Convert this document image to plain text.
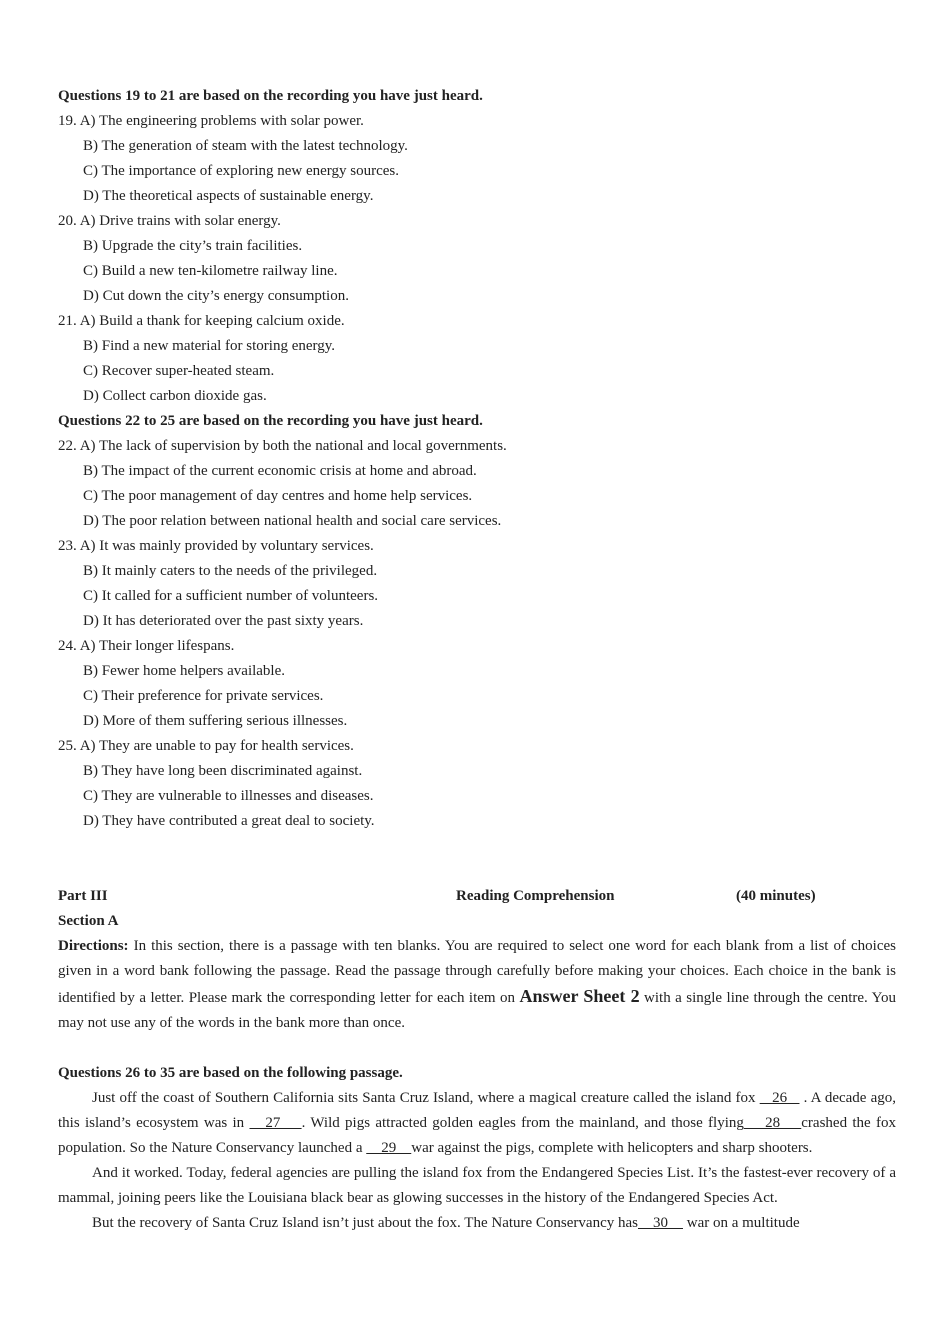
Questions 19 to 21 are based on the recording you have just heard.
19. A) The engineering problems with solar power.
B) The generation of steam with the latest technology.
C) The importance of exploring new energy sources.
D) The theoretical aspects of sustainable energy.
20. A) Drive trains with solar energy.
B) Upgrade the city’s train facilities.
C) Build a new ten-kilometre railway line.
D) Cut down the city’s energy consumption.
21. A) Build a thank for keeping calcium oxide.
B) Find a new material for storing energy.
C) Recover super-heated steam.
D) Collect carbon dioxide gas.
Questions 22 to 25 are based on the recording you have just heard.
22. A) The lack of supervision by both the national and local governments.
B) The impact of the current economic crisis at home and abroad.
C) The poor management of day centres and home help services.
D) The poor relation between national health and social care services.
23. A) It was mainly provided by voluntary services.
B) It mainly caters to the needs of the privileged.
C) It called for a sufficient number of volunteers.
D) It has deteriorated over the past sixty years.
24. A) Their longer lifespans.
B) Fewer home helpers available.
C) Their preference for private services.
D) More of them suffering serious illnesses.
25. A) They are unable to pay for health services.
B) They have long been discriminated against.
C) They are vulnerable to illnesses and diseases.
D) They have contributed a great deal to society.
Part III	Reading Comprehension	(40 minutes)
Section A
Directions: In this section, there is a passage with ten blanks. You are required to select one word for each blank from a list of choices given in a word bank following the passage. Read the passage through carefully before making your choices. Each choice in the bank is identified by a letter. Please mark the corresponding letter for each item on Answer Sheet 2 with a single line through the centre. You may not use any of the words in the bank more than once.
Questions 26 to 35 are based on the following passage.
Just off the coast of Southern California sits Santa Cruz Island, where a magical creature called the island fox    26    . A decade ago, this island’s ecosystem was in    27    . Wild pigs attracted golden eagles from the mainland, and those flying    28    crashed the fox population. So the Nature Conservancy launched a     29    war against the pigs, complete with helicopters and sharp shooters.
And it worked. Today, federal agencies are pulling the island fox from the Endangered Species List. It’s the fastest-ever recovery of a mammal, joining peers like the Louisiana black bear as glowing successes in the history of the Endangered Species Act.
But the recovery of Santa Cruz Island isn’t just about the fox. The Nature Conservancy has    30     war on a multitude
